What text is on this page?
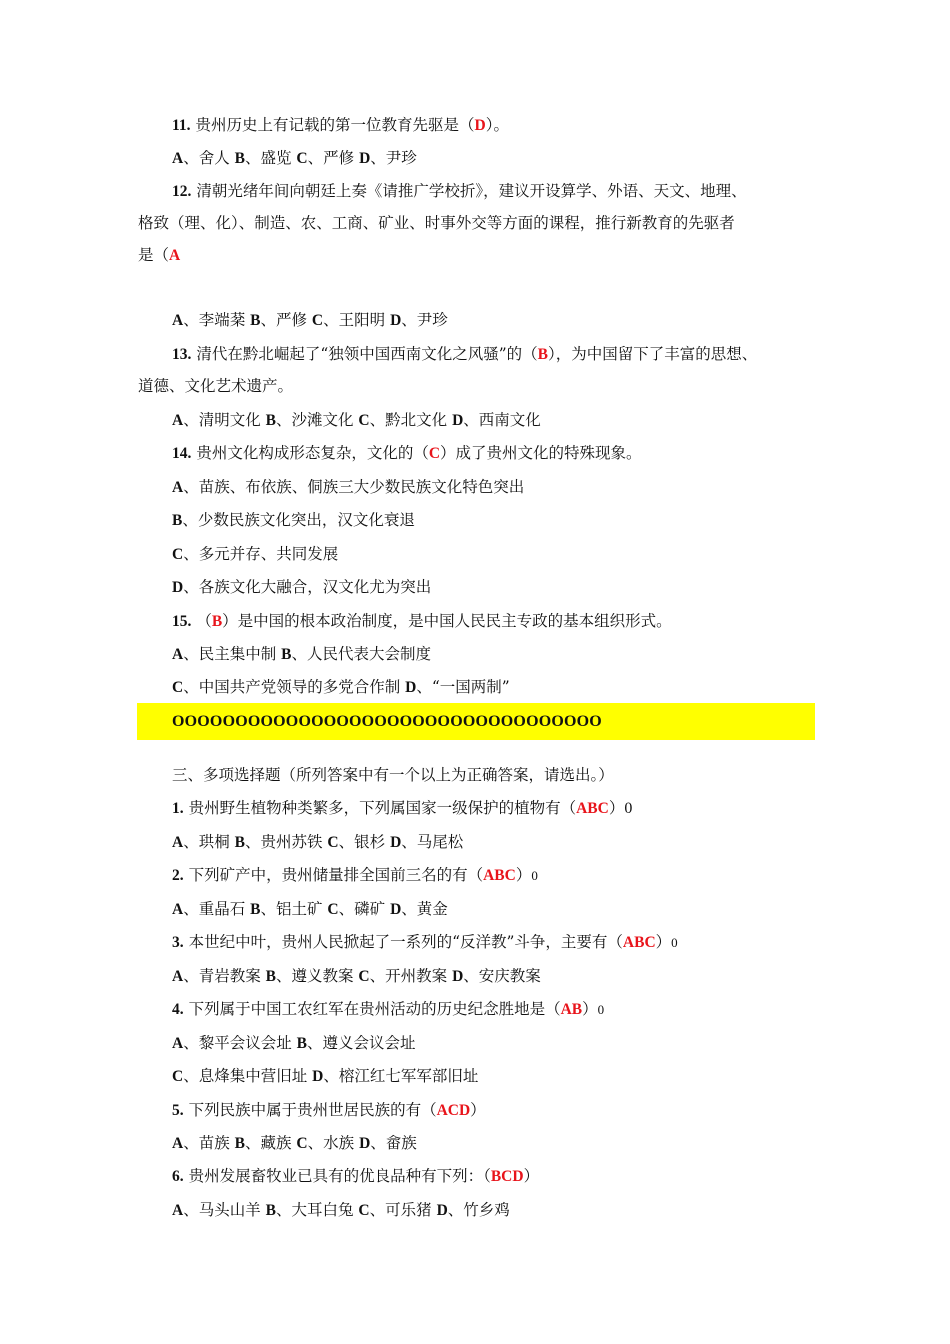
11. 贵州历史上有记载的第一位教育先驱是（D）。
A、舍人 B、盛览 C、严修 D、尹珍
12. 清朝光绪年间向朝廷上奏《请推广学校折》，建议开设算学、外语、天文、地理、
格致（理、化）、制造、农、工商、矿业、时事外交等方面的课程，推行新教育的先驱者
是（A
A、李端棻 B、严修 C、王阳明 D、尹珍
13. 清代在黔北崛起了“独领中国西南文化之风骚”的（B），为中国留下了丰富的思想、
道德、文化艺术遗产。
A、清明文化 B、沙滩文化 C、黔北文化 D、西南文化
14. 贵州文化构成形态复杂，文化的（C）成了贵州文化的特殊现象。
A、苗族、布依族、侗族三大少数民族文化特色突出
B、少数民族文化突出，汉文化衰退
C、多元并存、共同发展
D、各族文化大融合，汉文化尤为突出
15. （B）是中国的根本政治制度，是中国人民民主专政的基本组织形式。
A、民主集中制 B、人民代表大会制度
C、中国共产党领导的多党合作制 D、“一国两制”
OOOOOOOOOOOOOOOOOOOOOOOOOOOOOOOOOO
三、多项选择题（所列答案中有一个以上为正确答案，请选出。）
1. 贵州野生植物种类繁多，下列属国家一级保护的植物有（ABC）0
A、珙桐 B、贵州苏铁 C、银杉 D、马尾松
2. 下列矿产中，贵州储量排全国前三名的有（ABC）0
A、重晶石 B、铝土矿 C、磷矿 D、黄金
3. 本世纪中叶，贵州人民掀起了一系列的“反洋教”斗争，主要有（ABC）0
A、青岩教案 B、遵义教案 C、开州教案 D、安庆教案
4. 下列属于中国工农红军在贵州活动的历史纪念胜地是（AB）0
A、黎平会议会址 B、遵义会议会址
C、息烽集中营旧址 D、榕江红七军军部旧址
5. 下列民族中属于贵州世居民族的有（ACD）
A、苗族 B、藏族 C、水族 D、畲族
6. 贵州发展畜牧业已具有的优良品种有下列：（BCD）
A、马头山羊 B、大耳白兔 C、可乐猪 D、竹乡鸡
